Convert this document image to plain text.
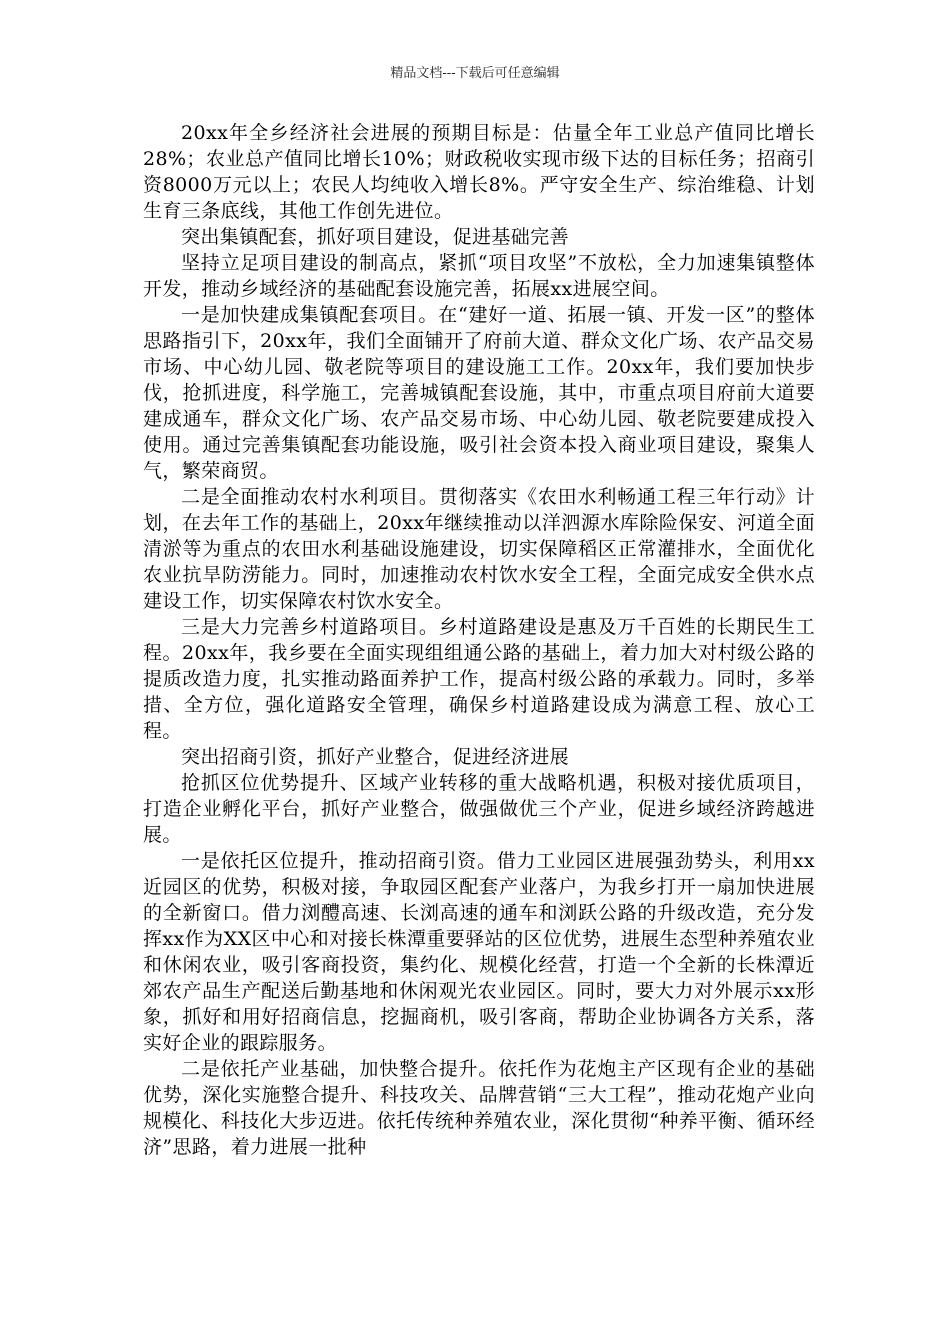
精品文档---下载后可任意编辑

20xx年全乡经济社会进展的预期目标是：估量全年工业总产值同比增长28%；农业总产值同比增长10%；财政税收实现市级下达的目标任务；招商引资8000万元以上；农民人均纯收入增长8%。严守安全生产、综治维稳、计划生育三条底线，其他工作创先进位。

突出集镇配套，抓好项目建设，促进基础完善

坚持立足项目建设的制高点，紧抓“项目攻坚”不放松，全力加速集镇整体开发，推动乡域经济的基础配套设施完善，拓展xx进展空间。

一是加快建成集镇配套项目。在“建好一道、拓展一镇、开发一区”的整体思路指引下，20xx年，我们全面铺开了府前大道、群众文化广场、农产品交易市场、中心幼儿园、敬老院等项目的建设施工工作。20xx年，我们要加快步伐，抢抓进度，科学施工，完善城镇配套设施，其中，市重点项目府前大道要建成通车，群众文化广场、农产品交易市场、中心幼儿园、敬老院要建成投入使用。通过完善集镇配套功能设施，吸引社会资本投入商业项目建设，聚集人气，繁荣商贸。

二是全面推动农村水利项目。贯彻落实《农田水利畅通工程三年行动》计划，在去年工作的基础上，20xx年继续推动以洋泗源水库除险保安、河道全面清淤等为重点的农田水利基础设施建设，切实保障稻区正常灌排水，全面优化农业抗旱防涝能力。同时，加速推动农村饮水安全工程，全面完成安全供水点建设工作，切实保障农村饮水安全。

三是大力完善乡村道路项目。乡村道路建设是惠及万千百姓的长期民生工程。20xx年，我乡要在全面实现组组通公路的基础上，着力加大对村级公路的提质改造力度，扎实推动路面养护工作，提高村级公路的承载力。同时，多举措、全方位，强化道路安全管理，确保乡村道路建设成为满意工程、放心工程。

突出招商引资，抓好产业整合，促进经济进展

抢抓区位优势提升、区域产业转移的重大战略机遇，积极对接优质项目，打造企业孵化平台，抓好产业整合，做强做优三个产业，促进乡域经济跨越进展。

一是依托区位提升，推动招商引资。借力工业园区进展强劲势头，利用xx近园区的优势，积极对接，争取园区配套产业落户，为我乡打开一扇加快进展的全新窗口。借力浏醴高速、长浏高速的通车和浏跃公路的升级改造，充分发挥xx作为XX区中心和对接长株潭重要驿站的区位优势，进展生态型种养殖农业和休闲农业，吸引客商投资，集约化、规模化经营，打造一个全新的长株潭近郊农产品生产配送后勤基地和休闲观光农业园区。同时，要大力对外展示xx形象，抓好和用好招商信息，挖掘商机，吸引客商，帮助企业协调各方关系，落实好企业的跟踪服务。

二是依托产业基础，加快整合提升。依托作为花炮主产区现有企业的基础优势，深化实施整合提升、科技攻关、品牌营销“三大工程”，推动花炮产业向规模化、科技化大步迈进。依托传统种养殖农业，深化贯彻“种养平衡、循环经济”思路，着力进展一批种
